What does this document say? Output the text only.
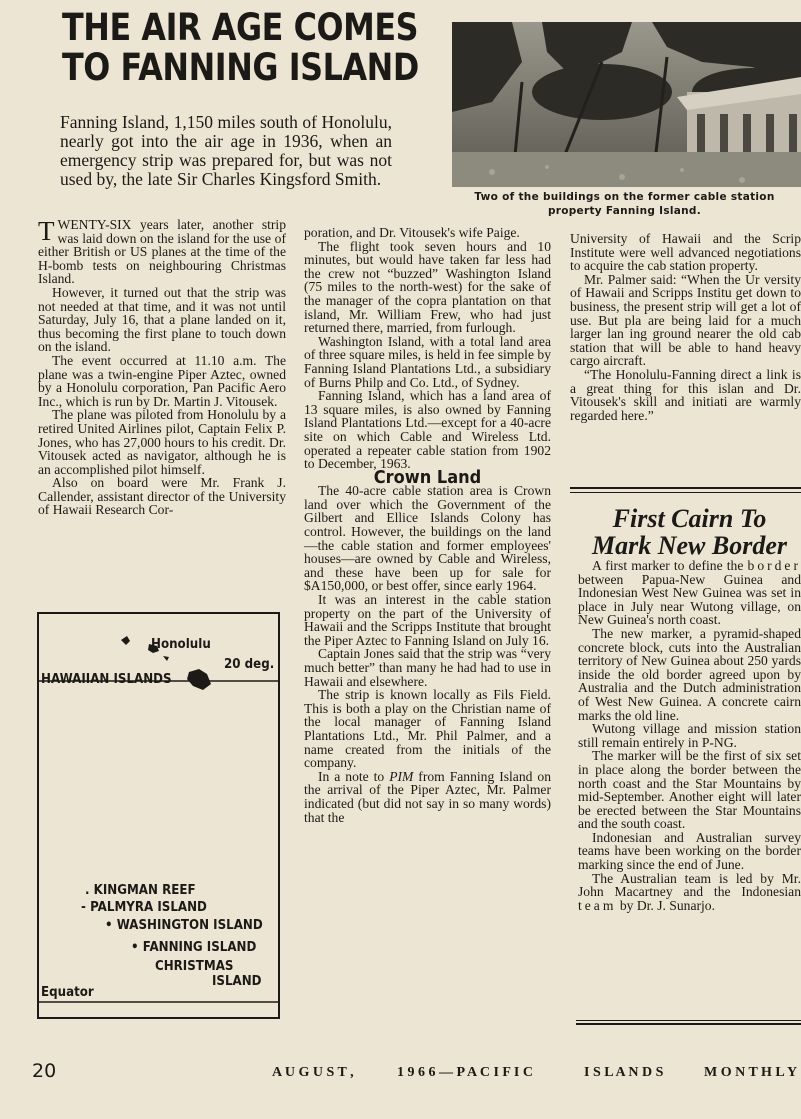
THE AIR AGE COMES
TO FANNING ISLAND
Fanning Island, 1,150 miles south of Honolulu, nearly got into the air age in 1936, when an emergency strip was prepared for, but was not used by, the late Sir Charles Kingsford Smith.
Two of the buildings on the former cable station property Fanning Island.

TWENTY-SIX years later, another strip was laid down on the island for the use of either British or US planes at the time of the H-bomb tests on neighbouring Christmas Island.

However, it turned out that the strip was not needed at that time, and it was not until Saturday, July 16, that a plane landed on it, thus becoming the first plane to touch down on the island.

The event occurred at 11.10 a.m. The plane was a twin-engine Piper Aztec, owned by a Honolulu corporation, Pan Pacific Aero Inc., which is run by Dr. Martin J. Vitousek.

The plane was piloted from Honolulu by a retired United Airlines pilot, Captain Felix P. Jones, who has 27,000 hours to his credit. Dr. Vitousek acted as navigator, although he is an accomplished pilot himself.

Also on board were Mr. Frank J. Callender, assistant director of the University of Hawaii Research Cor-

Honolulu
20 deg.
HAWAIIAN ISLANDS
. KINGMAN REEF
- PALMYRA ISLAND
• WASHINGTON ISLAND
• FANNING ISLAND
CHRISTMAS
ISLAND
Equator

poration, and Dr. Vitousek's wife Paige.

The flight took seven hours and 10 minutes, but would have taken far less had the crew not “buzzed” Washington Island (75 miles to the north-west) for the sake of the manager of the copra plantation on that island, Mr. William Frew, who had just returned there, married, from furlough.

Washington Island, with a total land area of three square miles, is held in fee simple by Fanning Island Plantations Ltd., a subsidiary of Burns Philp and Co. Ltd., of Sydney.

Fanning Island, which has a land area of 13 square miles, is also owned by Fanning Island Plantations Ltd.—except for a 40-acre site on which Cable and Wireless Ltd. operated a repeater cable station from 1902 to December, 1963.

Crown Land

The 40-acre cable station area is Crown land over which the Government of the Gilbert and Ellice Islands Colony has control. However, the buildings on the land—the cable station and former employees' houses—are owned by Cable and Wireless, and these have been up for sale for $A150,000, or best offer, since early 1964.

It was an interest in the cable station property on the part of the University of Hawaii and the Scripps Institute that brought the Piper Aztec to Fanning Island on July 16.

Captain Jones said that the strip was “very much better” than many he had had to use in Hawaii and elsewhere.

The strip is known locally as Fils Field. This is both a play on the Christian name of the local manager of Fanning Island Plantations Ltd., Mr. Phil Palmer, and a name created from the initials of the company.

In a note to PIM from Fanning Island on the arrival of the Piper Aztec, Mr. Palmer indicated (but did not say in so many words) that the

University of Hawaii and the Scrip Institute were well advanced negotiations to acquire the cab station property.

Mr. Palmer said: “When the Ur versity of Hawaii and Scripps Institu get down to business, the present strip will get a lot of use. But pla are being laid for a much larger lan ing ground nearer the old cab station that will be able to hand heavy cargo aircraft.

“The Honolulu-Fanning direct a link is a great thing for this islan and Dr. Vitousek's skill and initiati are warmly regarded here.”

First Cairn To
Mark New Border

A first marker to define the border between Papua-New Guinea and Indonesian West New Guinea was set in place in July near Wutong village, on New Guinea's north coast.

The new marker, a pyramid-shaped concrete block, cuts into the Australian territory of New Guinea about 250 yards inside the old border agreed upon by Australia and the Dutch administration of West New Guinea. A concrete cairn marks the old line.

Wutong village and mission station still remain entirely in P-NG.

The marker will be the first of six set in place along the border between the north coast and the Star Mountains by mid-September. Another eight will later be erected between the Star Mountains and the south coast.

Indonesian and Australian survey teams have been working on the border marking since the end of June.

The Australian team is led by Mr. John Macartney and the Indonesian team by Dr. J. Sunarjo.

20	A U G U S T ,	1 9 6 6 — P A C I F I C	I S L A N D S	M O N T H L Y
